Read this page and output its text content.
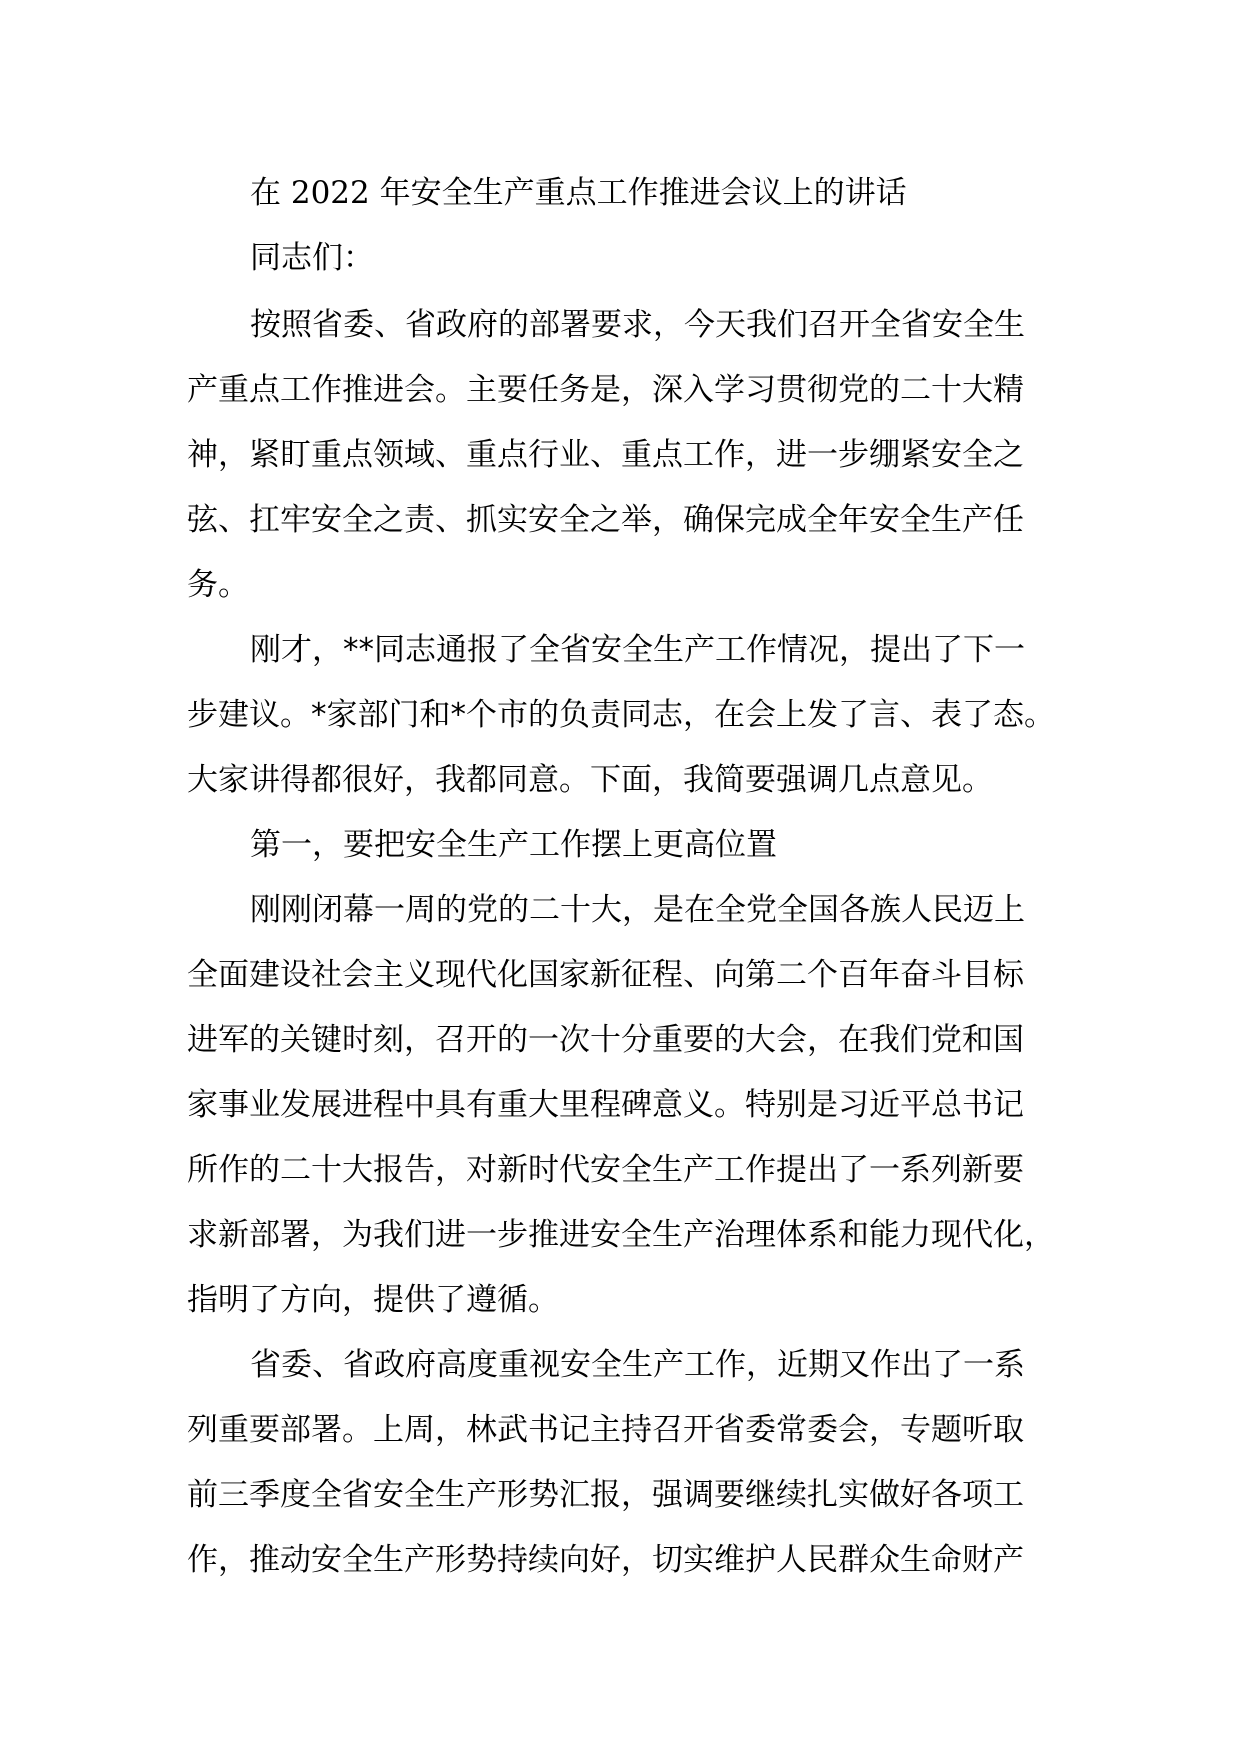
在 2022 年安全生产重点工作推进会议上的讲话
同志们：
按照省委、省政府的部署要求，今天我们召开全省安全生
产重点工作推进会。主要任务是，深入学习贯彻党的二十大精
神，紧盯重点领域、重点行业、重点工作，进一步绷紧安全之
弦、扛牢安全之责、抓实安全之举，确保完成全年安全生产任
务。
刚才，**同志通报了全省安全生产工作情况，提出了下一
步建议。*家部门和*个市的负责同志，在会上发了言、表了态。
大家讲得都很好，我都同意。下面，我简要强调几点意见。
第一，要把安全生产工作摆上更高位置
刚刚闭幕一周的党的二十大，是在全党全国各族人民迈上
全面建设社会主义现代化国家新征程、向第二个百年奋斗目标
进军的关键时刻，召开的一次十分重要的大会，在我们党和国
家事业发展进程中具有重大里程碑意义。特别是习近平总书记
所作的二十大报告，对新时代安全生产工作提出了一系列新要
求新部署，为我们进一步推进安全生产治理体系和能力现代化，
指明了方向，提供了遵循。
省委、省政府高度重视安全生产工作，近期又作出了一系
列重要部署。上周，林武书记主持召开省委常委会，专题听取
前三季度全省安全生产形势汇报，强调要继续扎实做好各项工
作，推动安全生产形势持续向好，切实维护人民群众生命财产
